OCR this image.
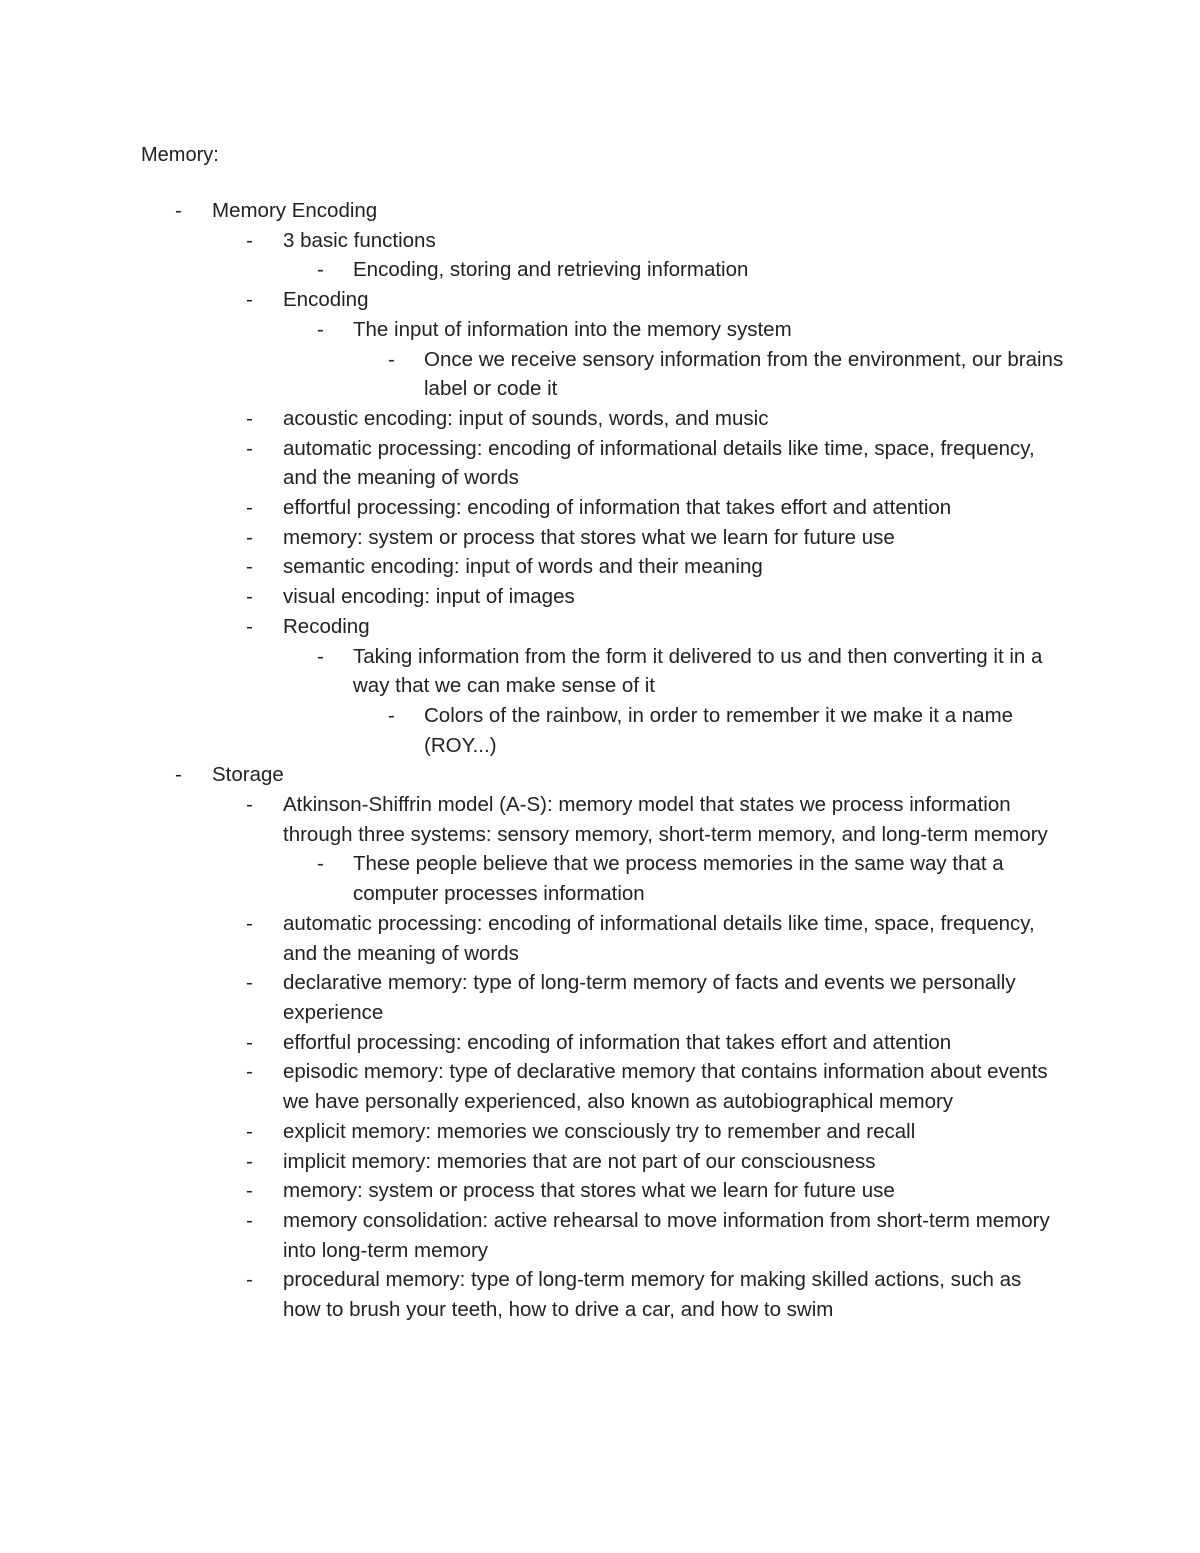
Memory:
- Memory Encoding
- 3 basic functions
- Encoding, storing and retrieving information
- Encoding
- The input of information into the memory system
- Once we receive sensory information from the environment, our brains label or code it
- acoustic encoding: input of sounds, words, and music
- automatic processing: encoding of informational details like time, space, frequency, and the meaning of words
- effortful processing: encoding of information that takes effort and attention
- memory: system or process that stores what we learn for future use
- semantic encoding: input of words and their meaning
- visual encoding: input of images
- Recoding
- Taking information from the form it delivered to us and then converting it in a way that we can make sense of it
- Colors of the rainbow, in order to remember it we make it a name (ROY...)
- Storage
- Atkinson-Shiffrin model (A-S): memory model that states we process information through three systems: sensory memory, short-term memory, and long-term memory
- These people believe that we process memories in the same way that a computer processes information
- automatic processing: encoding of informational details like time, space, frequency, and the meaning of words
- declarative memory: type of long-term memory of facts and events we personally experience
- effortful processing: encoding of information that takes effort and attention
- episodic memory: type of declarative memory that contains information about events we have personally experienced, also known as autobiographical memory
- explicit memory: memories we consciously try to remember and recall
- implicit memory: memories that are not part of our consciousness
- memory: system or process that stores what we learn for future use
- memory consolidation: active rehearsal to move information from short-term memory into long-term memory
- procedural memory: type of long-term memory for making skilled actions, such as how to brush your teeth, how to drive a car, and how to swim
